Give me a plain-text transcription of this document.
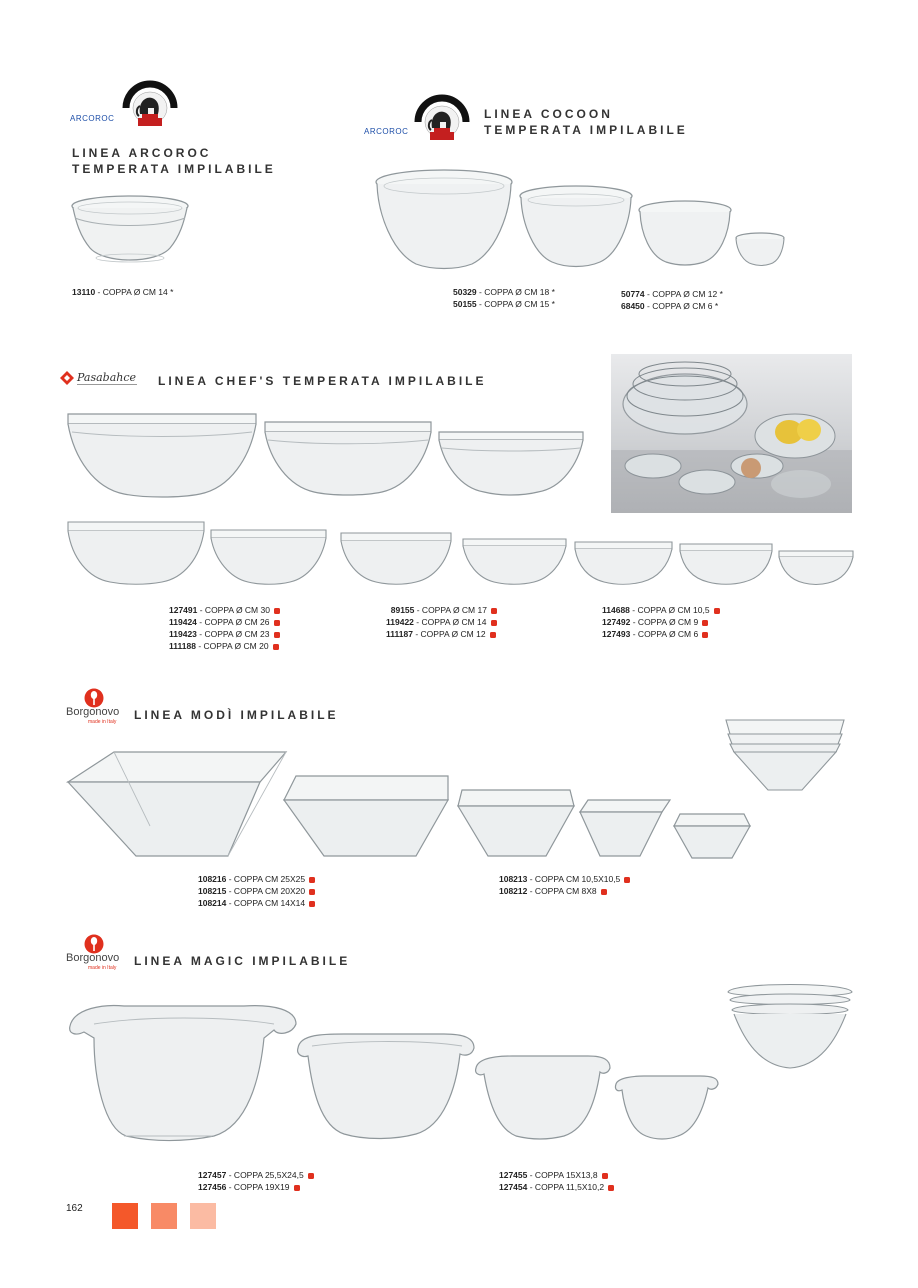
ARCOROC
LINEA ARCOROC
TEMPERATA IMPILABILE
13110 - COPPA Ø CM 14 *
ARCOROC
LINEA COCOON
TEMPERATA IMPILABILE
50329 - COPPA Ø CM 18 *
50155 - COPPA Ø CM 15 *
50774 - COPPA Ø CM 12 *
68450 - COPPA Ø CM 6 *
Pasabahce LINEA CHEF'S TEMPERATA IMPILABILE
127491 - COPPA Ø CM 30
119424 - COPPA Ø CM 26
119423 - COPPA Ø CM 23
111188 - COPPA Ø CM 20
89155 - COPPA Ø CM 17
119422 - COPPA Ø CM 14
111187 - COPPA Ø CM 12
114688 - COPPA Ø CM 10,5
127492 - COPPA Ø CM 9
127493 - COPPA Ø CM 6
Borgonovo
made in Italy LINEA MODÌ IMPILABILE
108216 - COPPA CM 25X25
108215 - COPPA CM 20X20
108214 - COPPA CM 14X14
108213 - COPPA CM 10,5X10,5
108212 - COPPA CM 8X8
Borgonovo
made in Italy LINEA MAGIC IMPILABILE
127457 - COPPA 25,5X24,5
127456 - COPPA 19X19
127455 - COPPA 15X13,8
127454 - COPPA 11,5X10,2
162
